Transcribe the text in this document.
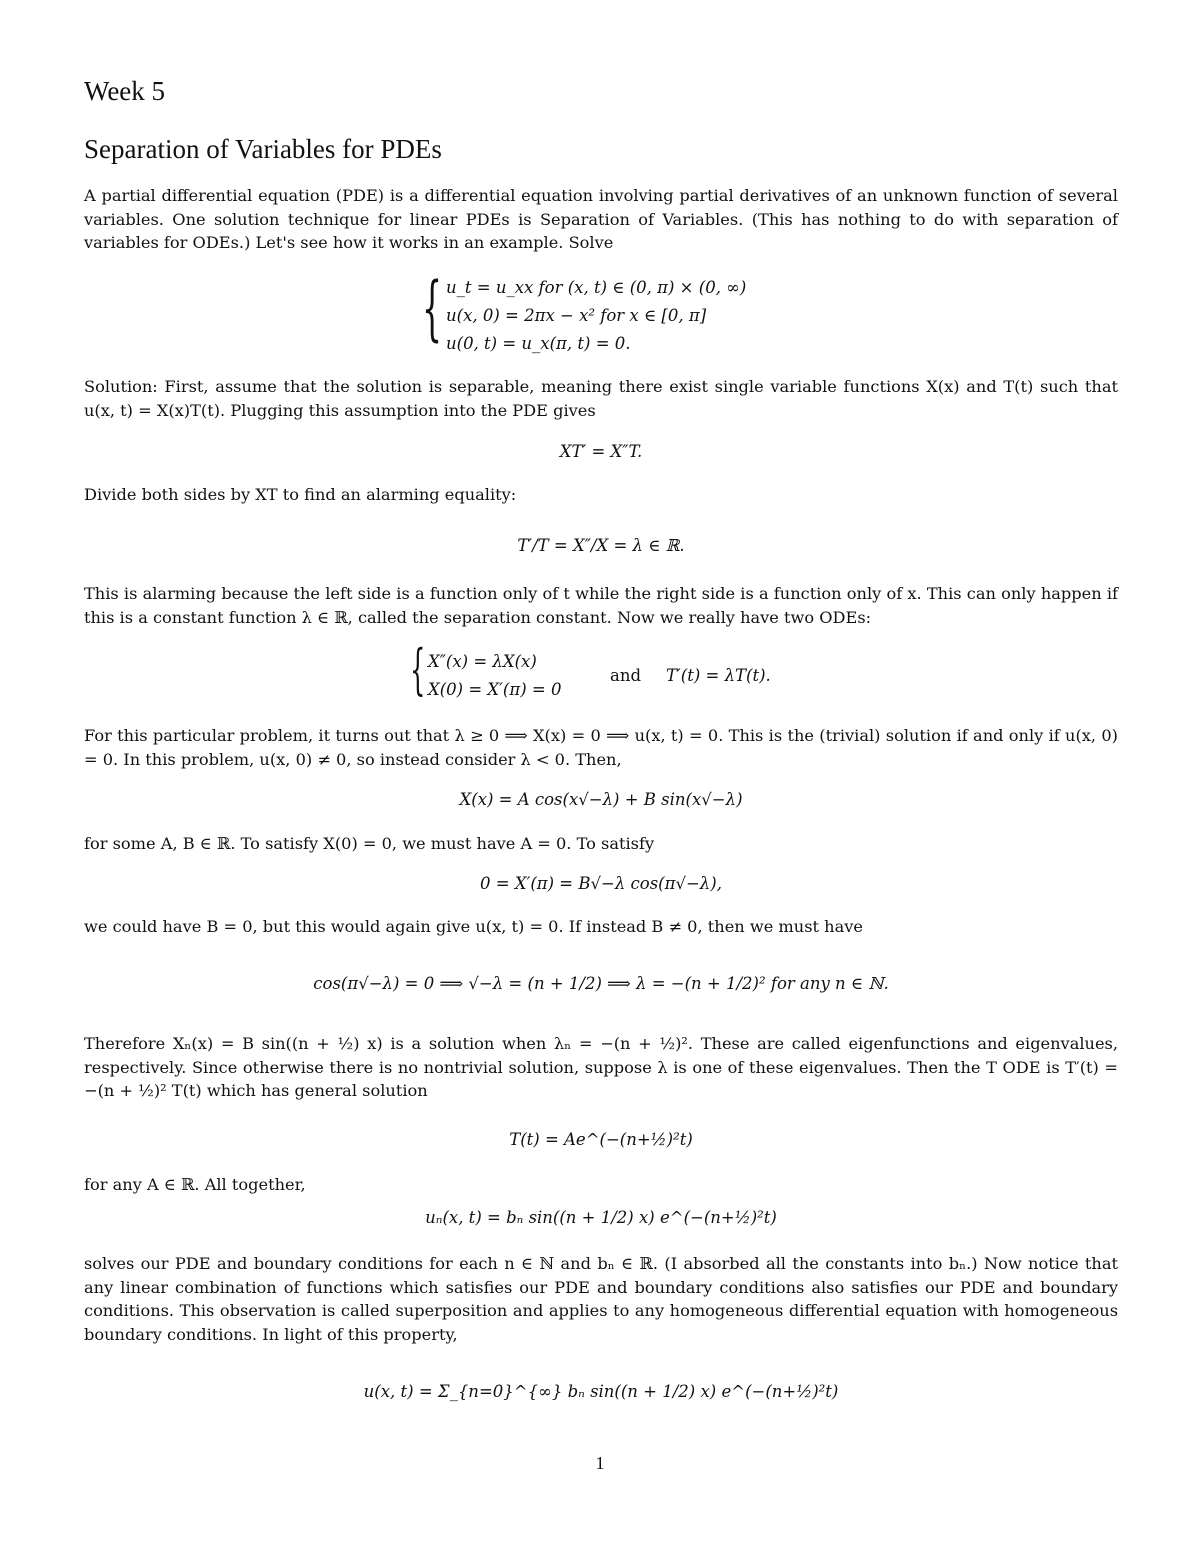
Week 5
Separation of Variables for PDEs
A partial differential equation (PDE) is a differential equation involving partial derivatives of an unknown function of several variables. One solution technique for linear PDEs is Separation of Variables. (This has nothing to do with separation of variables for ODEs.) Let's see how it works in an example. Solve
{ u_t = u_xx for (x, t) ∈ (0, π) × (0, ∞)
u(x, 0) = 2πx − x² for x ∈ [0, π]
u(0, t) = u_x(π, t) = 0.
Solution: First, assume that the solution is separable, meaning there exist single variable functions X(x) and T(t) such that u(x, t) = X(x)T(t). Plugging this assumption into the PDE gives
XT′ = X″T.
Divide both sides by XT to find an alarming equality:
T′/T = X″/X = λ ∈ ℝ.
This is alarming because the left side is a function only of t while the right side is a function only of x. This can only happen if this is a constant function λ ∈ ℝ, called the separation constant. Now we really have two ODEs:
{ X″(x) = λX(x)
X(0) = X′(π) = 0
and T′(t) = λT(t).
For this particular problem, it turns out that λ ≥ 0 ⟹ X(x) = 0 ⟹ u(x, t) = 0. This is the (trivial) solution if and only if u(x, 0) = 0. In this problem, u(x, 0) ≠ 0, so instead consider λ < 0. Then,
X(x) = A cos(x√−λ) + B sin(x√−λ)
for some A, B ∈ ℝ. To satisfy X(0) = 0, we must have A = 0. To satisfy
0 = X′(π) = B√−λ cos(π√−λ),
we could have B = 0, but this would again give u(x, t) = 0. If instead B ≠ 0, then we must have
cos(π√−λ) = 0 ⟹ √−λ = (n + 1/2) ⟹ λ = −(n + 1/2)² for any n ∈ ℕ.
Therefore Xₙ(x) = B sin((n + ½) x) is a solution when λₙ = −(n + ½)². These are called eigenfunctions and eigenvalues, respectively. Since otherwise there is no nontrivial solution, suppose λ is one of these eigenvalues. Then the T ODE is T′(t) = −(n + ½)² T(t) which has general solution
T(t) = Ae^(−(n+½)²t)
for any A ∈ ℝ. All together,
uₙ(x, t) = bₙ sin((n + 1/2) x) e^(−(n+½)²t)
solves our PDE and boundary conditions for each n ∈ ℕ and bₙ ∈ ℝ. (I absorbed all the constants into bₙ.) Now notice that any linear combination of functions which satisfies our PDE and boundary conditions also satisfies our PDE and boundary conditions. This observation is called superposition and applies to any homogeneous differential equation with homogeneous boundary conditions. In light of this property,
u(x, t) = Σ_{n=0}^{∞} bₙ sin((n + 1/2) x) e^(−(n+½)²t)
1
